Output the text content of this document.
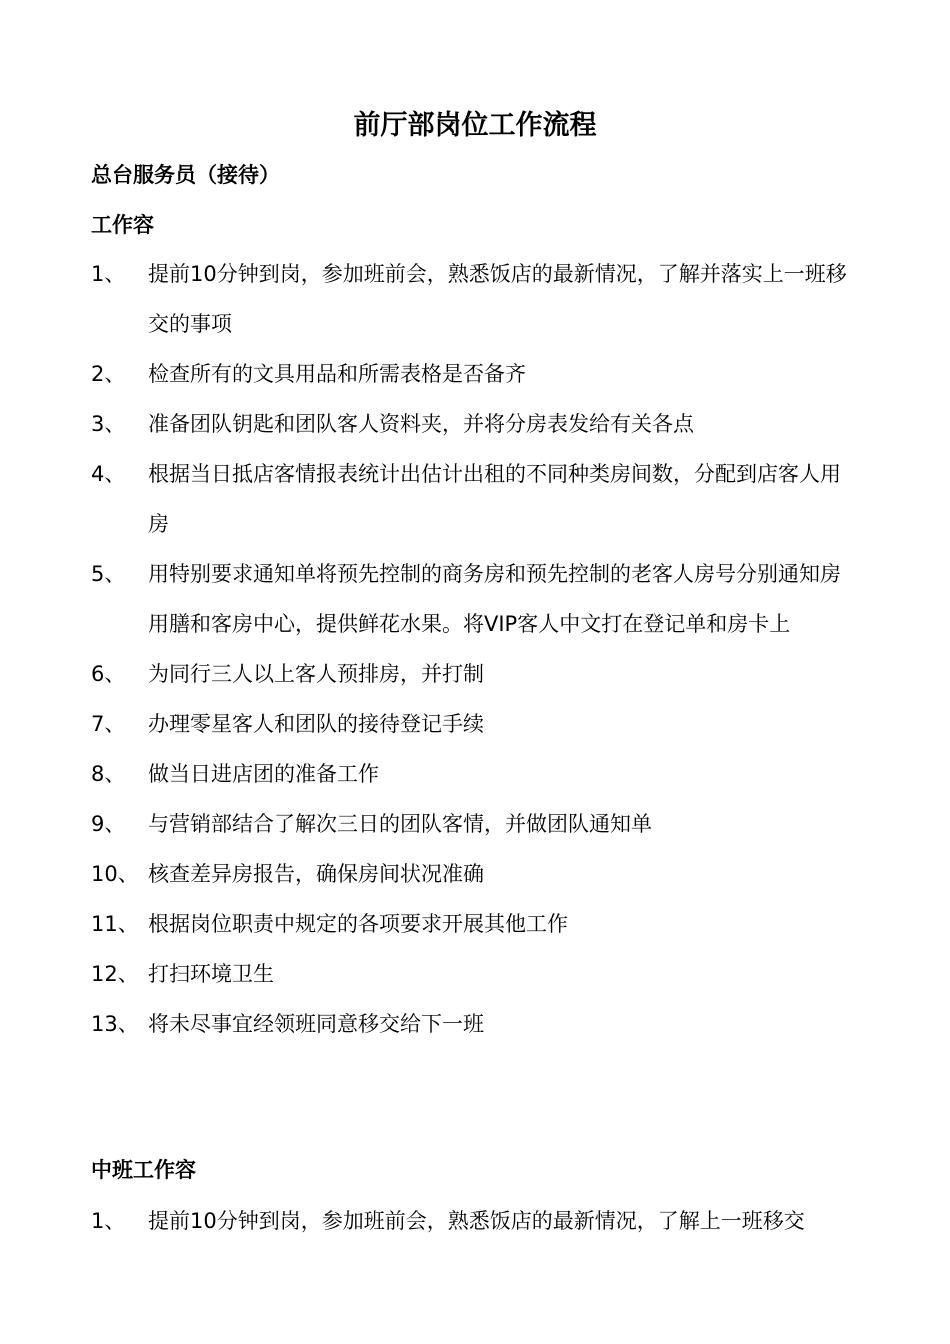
前厅部岗位工作流程
总台服务员（接待）
工作容
1、	提前10分钟到岗，参加班前会，熟悉饭店的最新情况，了解并落实上一班移交的事项
2、	检查所有的文具用品和所需表格是否备齐
3、	准备团队钥匙和团队客人资料夹，并将分房表发给有关各点
4、	根据当日抵店客情报表统计出估计出租的不同种类房间数，分配到店客人用房
5、	用特别要求通知单将预先控制的商务房和预先控制的老客人房号分别通知房用膳和客房中心，提供鲜花水果。将VIP客人中文打在登记单和房卡上
6、	为同行三人以上客人预排房，并打制
7、	办理零星客人和团队的接待登记手续
8、	做当日进店团的准备工作
9、	与营销部结合了解次三日的团队客情，并做团队通知单
10、 核查差异房报告，确保房间状况准确
11、 根据岗位职责中规定的各项要求开展其他工作
12、 打扫环境卫生
13、 将未尽事宜经领班同意移交给下一班
中班工作容
1、	提前10分钟到岗，参加班前会，熟悉饭店的最新情况，了解上一班移交
